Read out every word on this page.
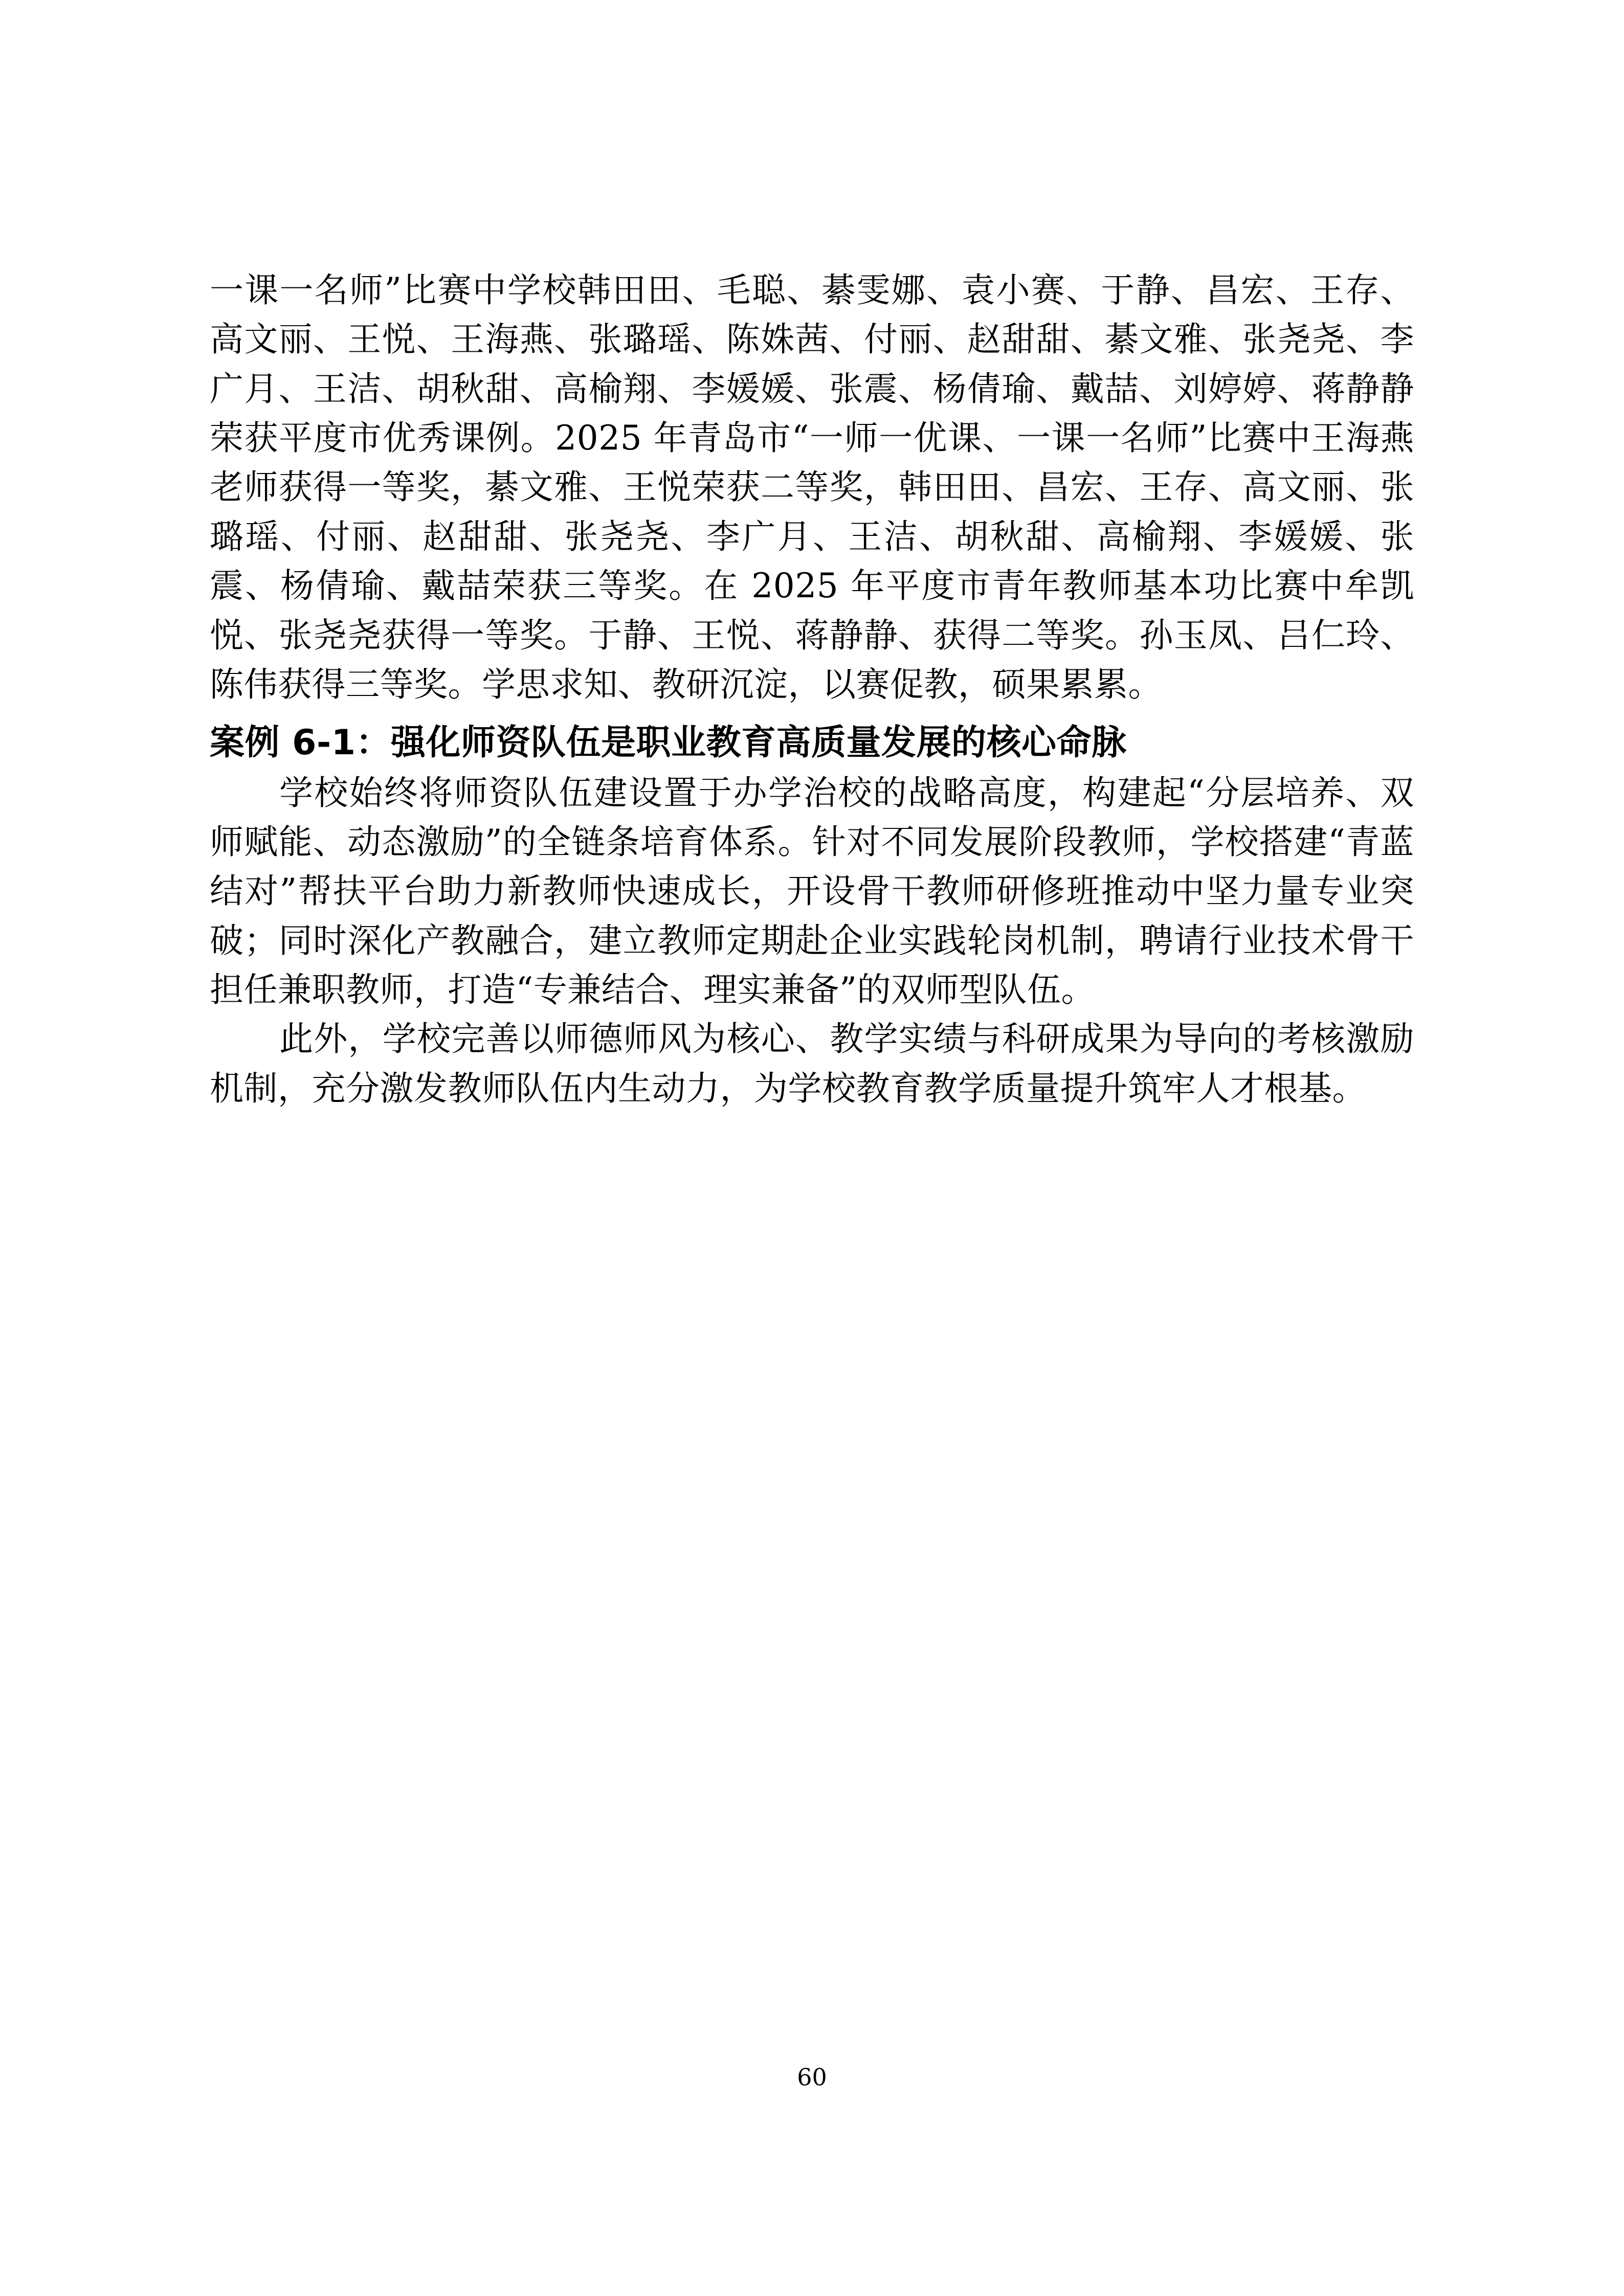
一课一名师”比赛中学校韩田田、毛聪、綦雯娜、袁小赛、于静、昌宏、王存、高文丽、王悦、王海燕、张璐瑶、陈姝茜、付丽、赵甜甜、綦文雅、张尧尧、李广月、王洁、胡秋甜、高榆翔、李媛媛、张震、杨倩瑜、戴喆、刘婷婷、蒋静静荣获平度市优秀课例。2025 年青岛市“一师一优课、一课一名师”比赛中王海燕老师获得一等奖，綦文雅、王悦荣获二等奖，韩田田、昌宏、王存、高文丽、张璐瑶、付丽、赵甜甜、张尧尧、李广月、王洁、胡秋甜、高榆翔、李媛媛、张震、杨倩瑜、戴喆荣获三等奖。在 2025 年平度市青年教师基本功比赛中牟凯悦、张尧尧获得一等奖。于静、王悦、蒋静静、获得二等奖。孙玉凤、吕仁玲、陈伟获得三等奖。学思求知、教研沉淀，以赛促教，硕果累累。

案例 6-1：强化师资队伍是职业教育高质量发展的核心命脉

学校始终将师资队伍建设置于办学治校的战略高度，构建起“分层培养、双师赋能、动态激励”的全链条培育体系。针对不同发展阶段教师，学校搭建“青蓝结对”帮扶平台助力新教师快速成长，开设骨干教师研修班推动中坚力量专业突破；同时深化产教融合，建立教师定期赴企业实践轮岗机制，聘请行业技术骨干担任兼职教师，打造“专兼结合、理实兼备”的双师型队伍。

此外，学校完善以师德师风为核心、教学实绩与科研成果为导向的考核激励机制，充分激发教师队伍内生动力，为学校教育教学质量提升筑牢人才根基。

60
